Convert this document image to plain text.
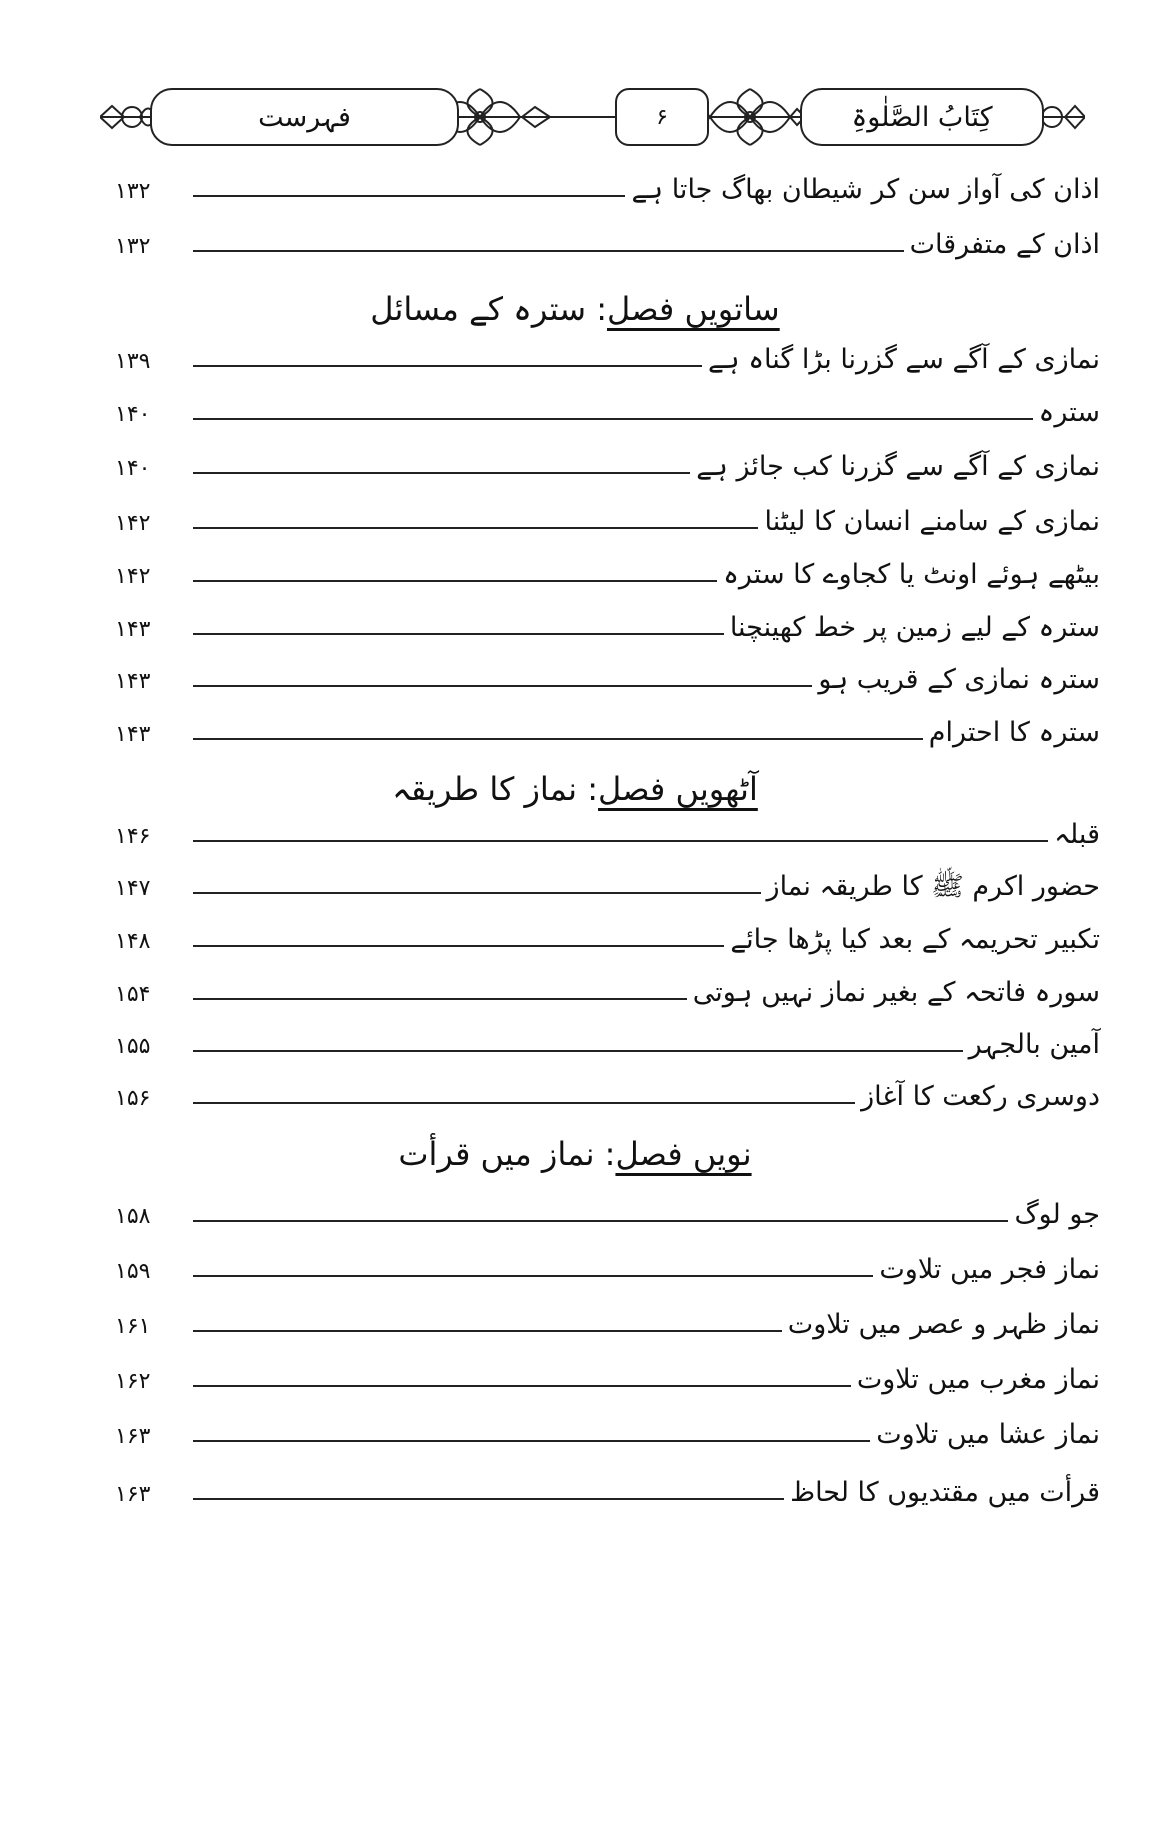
کِتَابُ الصَّلٰوۃِ
۶
فہرست
اذان کی آواز سن کر شیطان بھاگ جاتا ہے
۱۳۲
اذان کے متفرقات
۱۳۲
ساتویں فصل: سترہ کے مسائل
نمازی کے آگے سے گزرنا بڑا گناہ ہے
۱۳۹
سترہ
۱۴۰
نمازی کے آگے سے گزرنا کب جائز ہے
۱۴۰
نمازی کے سامنے انسان کا لیٹنا
۱۴۲
بیٹھے ہوئے اونٹ یا کجاوے کا سترہ
۱۴۲
سترہ کے لیے زمین پر خط کھینچنا
۱۴۳
سترہ نمازی کے قریب ہو
۱۴۳
سترہ کا احترام
۱۴۳
آٹھویں فصل: نماز کا طریقہ
قبلہ
۱۴۶
حضور اکرم ﷺ کا طریقہ نماز
۱۴۷
تکبیر تحریمہ کے بعد کیا پڑھا جائے
۱۴۸
سورہ فاتحہ کے بغیر نماز نہیں ہوتی
۱۵۴
آمین بالجہر
۱۵۵
دوسری رکعت کا آغاز
۱۵۶
نویں فصل: نماز میں قرأت
جو لوگ
۱۵۸
نماز فجر میں تلاوت
۱۵۹
نماز ظہر و عصر میں تلاوت
۱۶۱
نماز مغرب میں تلاوت
۱۶۲
نماز عشا میں تلاوت
۱۶۳
قرأت میں مقتدیوں کا لحاظ
۱۶۳
